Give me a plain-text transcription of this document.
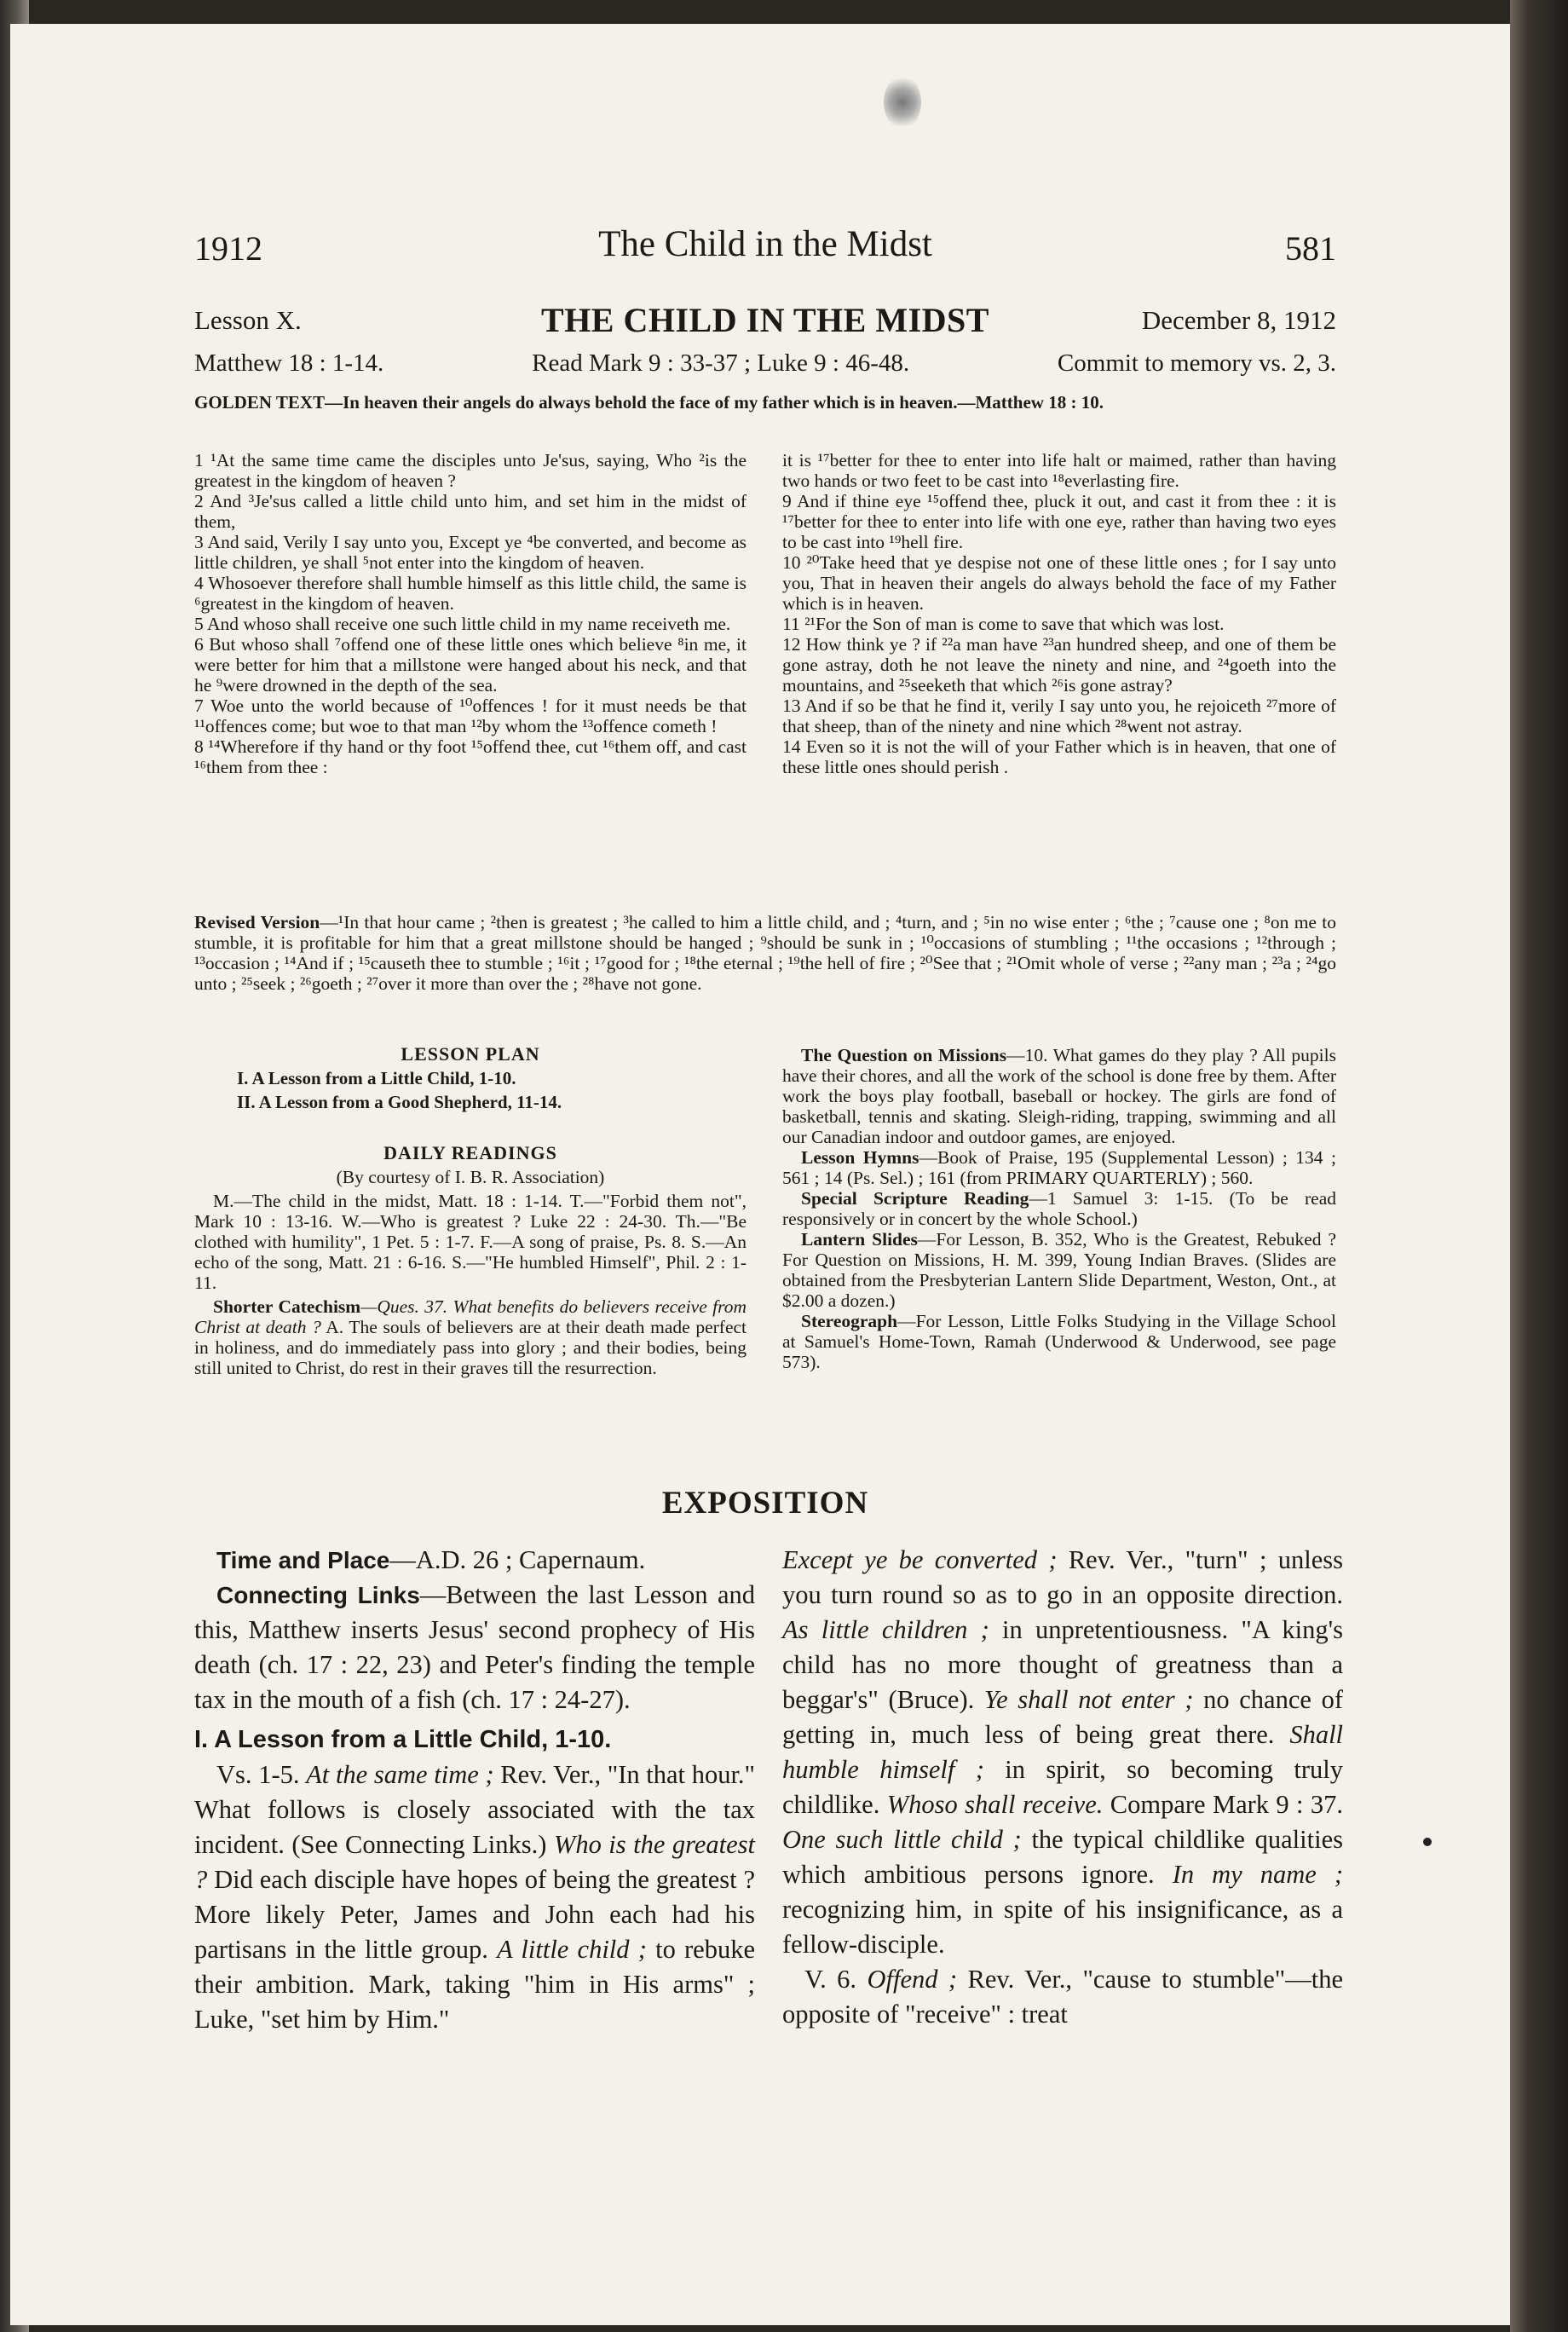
1912	The Child in the Midst	581
Lesson X.	THE CHILD IN THE MIDST	December 8, 1912
Matthew 18 : 1-14.	Read Mark 9 : 33-37 ; Luke 9 : 46-48.	Commit to memory vs. 2, 3.
GOLDEN TEXT—In heaven their angels do always behold the face of my father which is in heaven.—Matthew 18 : 10.

1 ¹At the same time came the disciples unto Je'sus, saying, Who ²is the greatest in the kingdom of heaven ?

2 And ³Je'sus called a little child unto him, and set him in the midst of them,

3 And said, Verily I say unto you, Except ye ⁴be converted, and become as little children, ye shall ⁵not enter into the kingdom of heaven.

4 Whosoever therefore shall humble himself as this little child, the same is ⁶greatest in the kingdom of heaven.

5 And whoso shall receive one such little child in my name receiveth me.

6 But whoso shall ⁷offend one of these little ones which believe ⁸in me, it were better for him that a millstone were hanged about his neck, and that he ⁹were drowned in the depth of the sea.

7 Woe unto the world because of ¹⁰offences ! for it must needs be that ¹¹offences come; but woe to that man ¹²by whom the ¹³offence cometh !

8 ¹⁴Wherefore if thy hand or thy foot ¹⁵offend thee, cut ¹⁶them off, and cast ¹⁶them from thee :

it is ¹⁷better for thee to enter into life halt or maimed, rather than having two hands or two feet to be cast into ¹⁸everlasting fire.

9 And if thine eye ¹⁵offend thee, pluck it out, and cast it from thee : it is ¹⁷better for thee to enter into life with one eye, rather than having two eyes to be cast into ¹⁹hell fire.

10 ²⁰Take heed that ye despise not one of these little ones ; for I say unto you, That in heaven their angels do always behold the face of my Father which is in heaven.

11 ²¹For the Son of man is come to save that which was lost.

12 How think ye ? if ²²a man have ²³an hundred sheep, and one of them be gone astray, doth he not leave the ninety and nine, and ²⁴goeth into the mountains, and ²⁵seeketh that which ²⁶is gone astray?

13 And if so be that he find it, verily I say unto you, he rejoiceth ²⁷more of that sheep, than of the ninety and nine which ²⁸went not astray.

14 Even so it is not the will of your Father which is in heaven, that one of these little ones should perish .

Revised Version—¹In that hour came ; ²then is greatest ; ³he called to him a little child, and ; ⁴turn, and ; ⁵in no wise enter ; ⁶the ; ⁷cause one ; ⁸on me to stumble, it is profitable for him that a great millstone should be hanged ; ⁹should be sunk in ; ¹⁰occasions of stumbling ; ¹¹the occasions ; ¹²through ; ¹³occasion ; ¹⁴And if ; ¹⁵causeth thee to stumble ; ¹⁶it ; ¹⁷good for ; ¹⁸the eternal ; ¹⁹the hell of fire ; ²⁰See that ; ²¹Omit whole of verse ; ²²any man ; ²³a ; ²⁴go unto ; ²⁵seek ; ²⁶goeth ; ²⁷over it more than over the ; ²⁸have not gone.

LESSON PLAN
I. A Lesson from a Little Child, 1-10.
II. A Lesson from a Good Shepherd, 11-14.
DAILY READINGS

(By courtesy of I. B. R. Association)

M.—The child in the midst, Matt. 18 : 1-14. T.—"Forbid them not", Mark 10 : 13-16. W.—Who is greatest ? Luke 22 : 24-30. Th.—"Be clothed with humility", 1 Pet. 5 : 1-7. F.—A song of praise, Ps. 8. S.—An echo of the song, Matt. 21 : 6-16. S.—"He humbled Himself", Phil. 2 : 1-11.

Shorter Catechism—Ques. 37. What benefits do believers receive from Christ at death ? A. The souls of believers are at their death made perfect in holiness, and do immediately pass into glory ; and their bodies, being still united to Christ, do rest in their graves till the resurrection.

The Question on Missions—10. What games do they play ? All pupils have their chores, and all the work of the school is done free by them. After work the boys play football, baseball or hockey. The girls are fond of basketball, tennis and skating. Sleigh-riding, trapping, swimming and all our Canadian indoor and outdoor games, are enjoyed.

Lesson Hymns—Book of Praise, 195 (Supplemental Lesson) ; 134 ; 561 ; 14 (Ps. Sel.) ; 161 (from PRIMARY QUARTERLY) ; 560.

Special Scripture Reading—1 Samuel 3: 1-15. (To be read responsively or in concert by the whole School.)

Lantern Slides—For Lesson, B. 352, Who is the Greatest, Rebuked ? For Question on Missions, H. M. 399, Young Indian Braves. (Slides are obtained from the Presbyterian Lantern Slide Department, Weston, Ont., at $2.00 a dozen.)

Stereograph—For Lesson, Little Folks Studying in the Village School at Samuel's Home-Town, Ramah (Underwood & Underwood, see page 573).

EXPOSITION

Time and Place—A.D. 26 ; Capernaum.

Connecting Links—Between the last Lesson and this, Matthew inserts Jesus' second prophecy of His death (ch. 17 : 22, 23) and Peter's finding the temple tax in the mouth of a fish (ch. 17 : 24-27).

I. A Lesson from a Little Child, 1-10.

Vs. 1-5. At the same time ; Rev. Ver., "In that hour." What follows is closely associated with the tax incident. (See Connecting Links.) Who is the greatest ? Did each disciple have hopes of being the greatest ? More likely Peter, James and John each had his partisans in the little group. A little child ; to rebuke their ambition. Mark, taking "him in His arms" ; Luke, "set him by Him."

Except ye be converted ; Rev. Ver., "turn" ; unless you turn round so as to go in an opposite direction. As little children ; in unpretentiousness. "A king's child has no more thought of greatness than a beggar's" (Bruce). Ye shall not enter ; no chance of getting in, much less of being great there. Shall humble himself ; in spirit, so becoming truly childlike. Whoso shall receive. Compare Mark 9 : 37. One such little child ; the typical childlike qualities which ambitious persons ignore. In my name ; recognizing him, in spite of his insignificance, as a fellow-disciple.

V. 6. Offend ; Rev. Ver., "cause to stumble"—the opposite of "receive" : treat
